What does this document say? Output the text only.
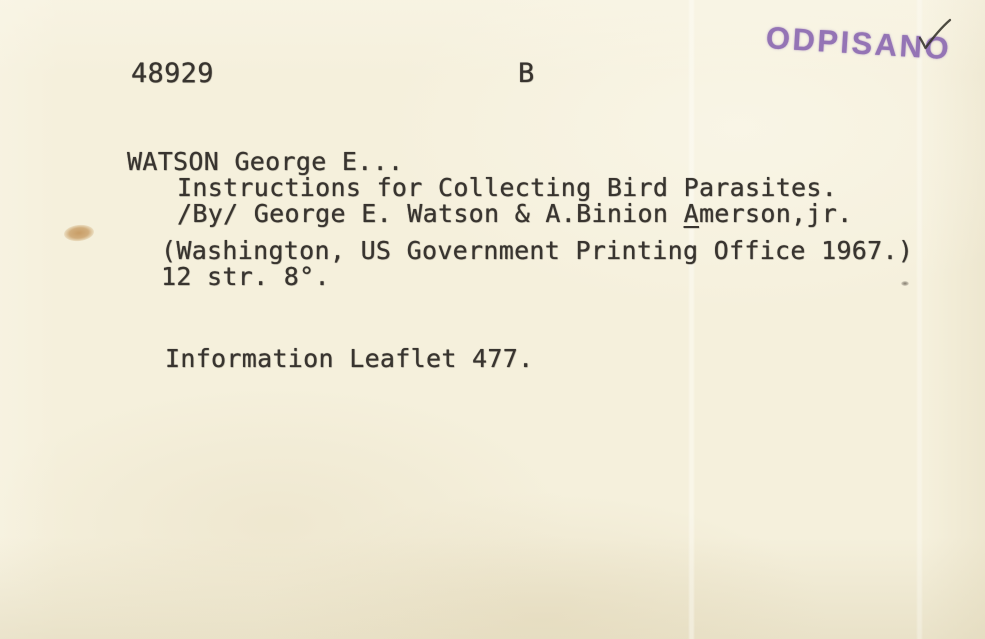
48929	B
ODPISANO
WATSON George E...
Instructions for Collecting Bird Parasites.
/By/ George E. Watson & A.Binion Amerson,jr.
(Washington, US Government Printing Office 1967.)
12 str. 8°.
Information Leaflet 477.
